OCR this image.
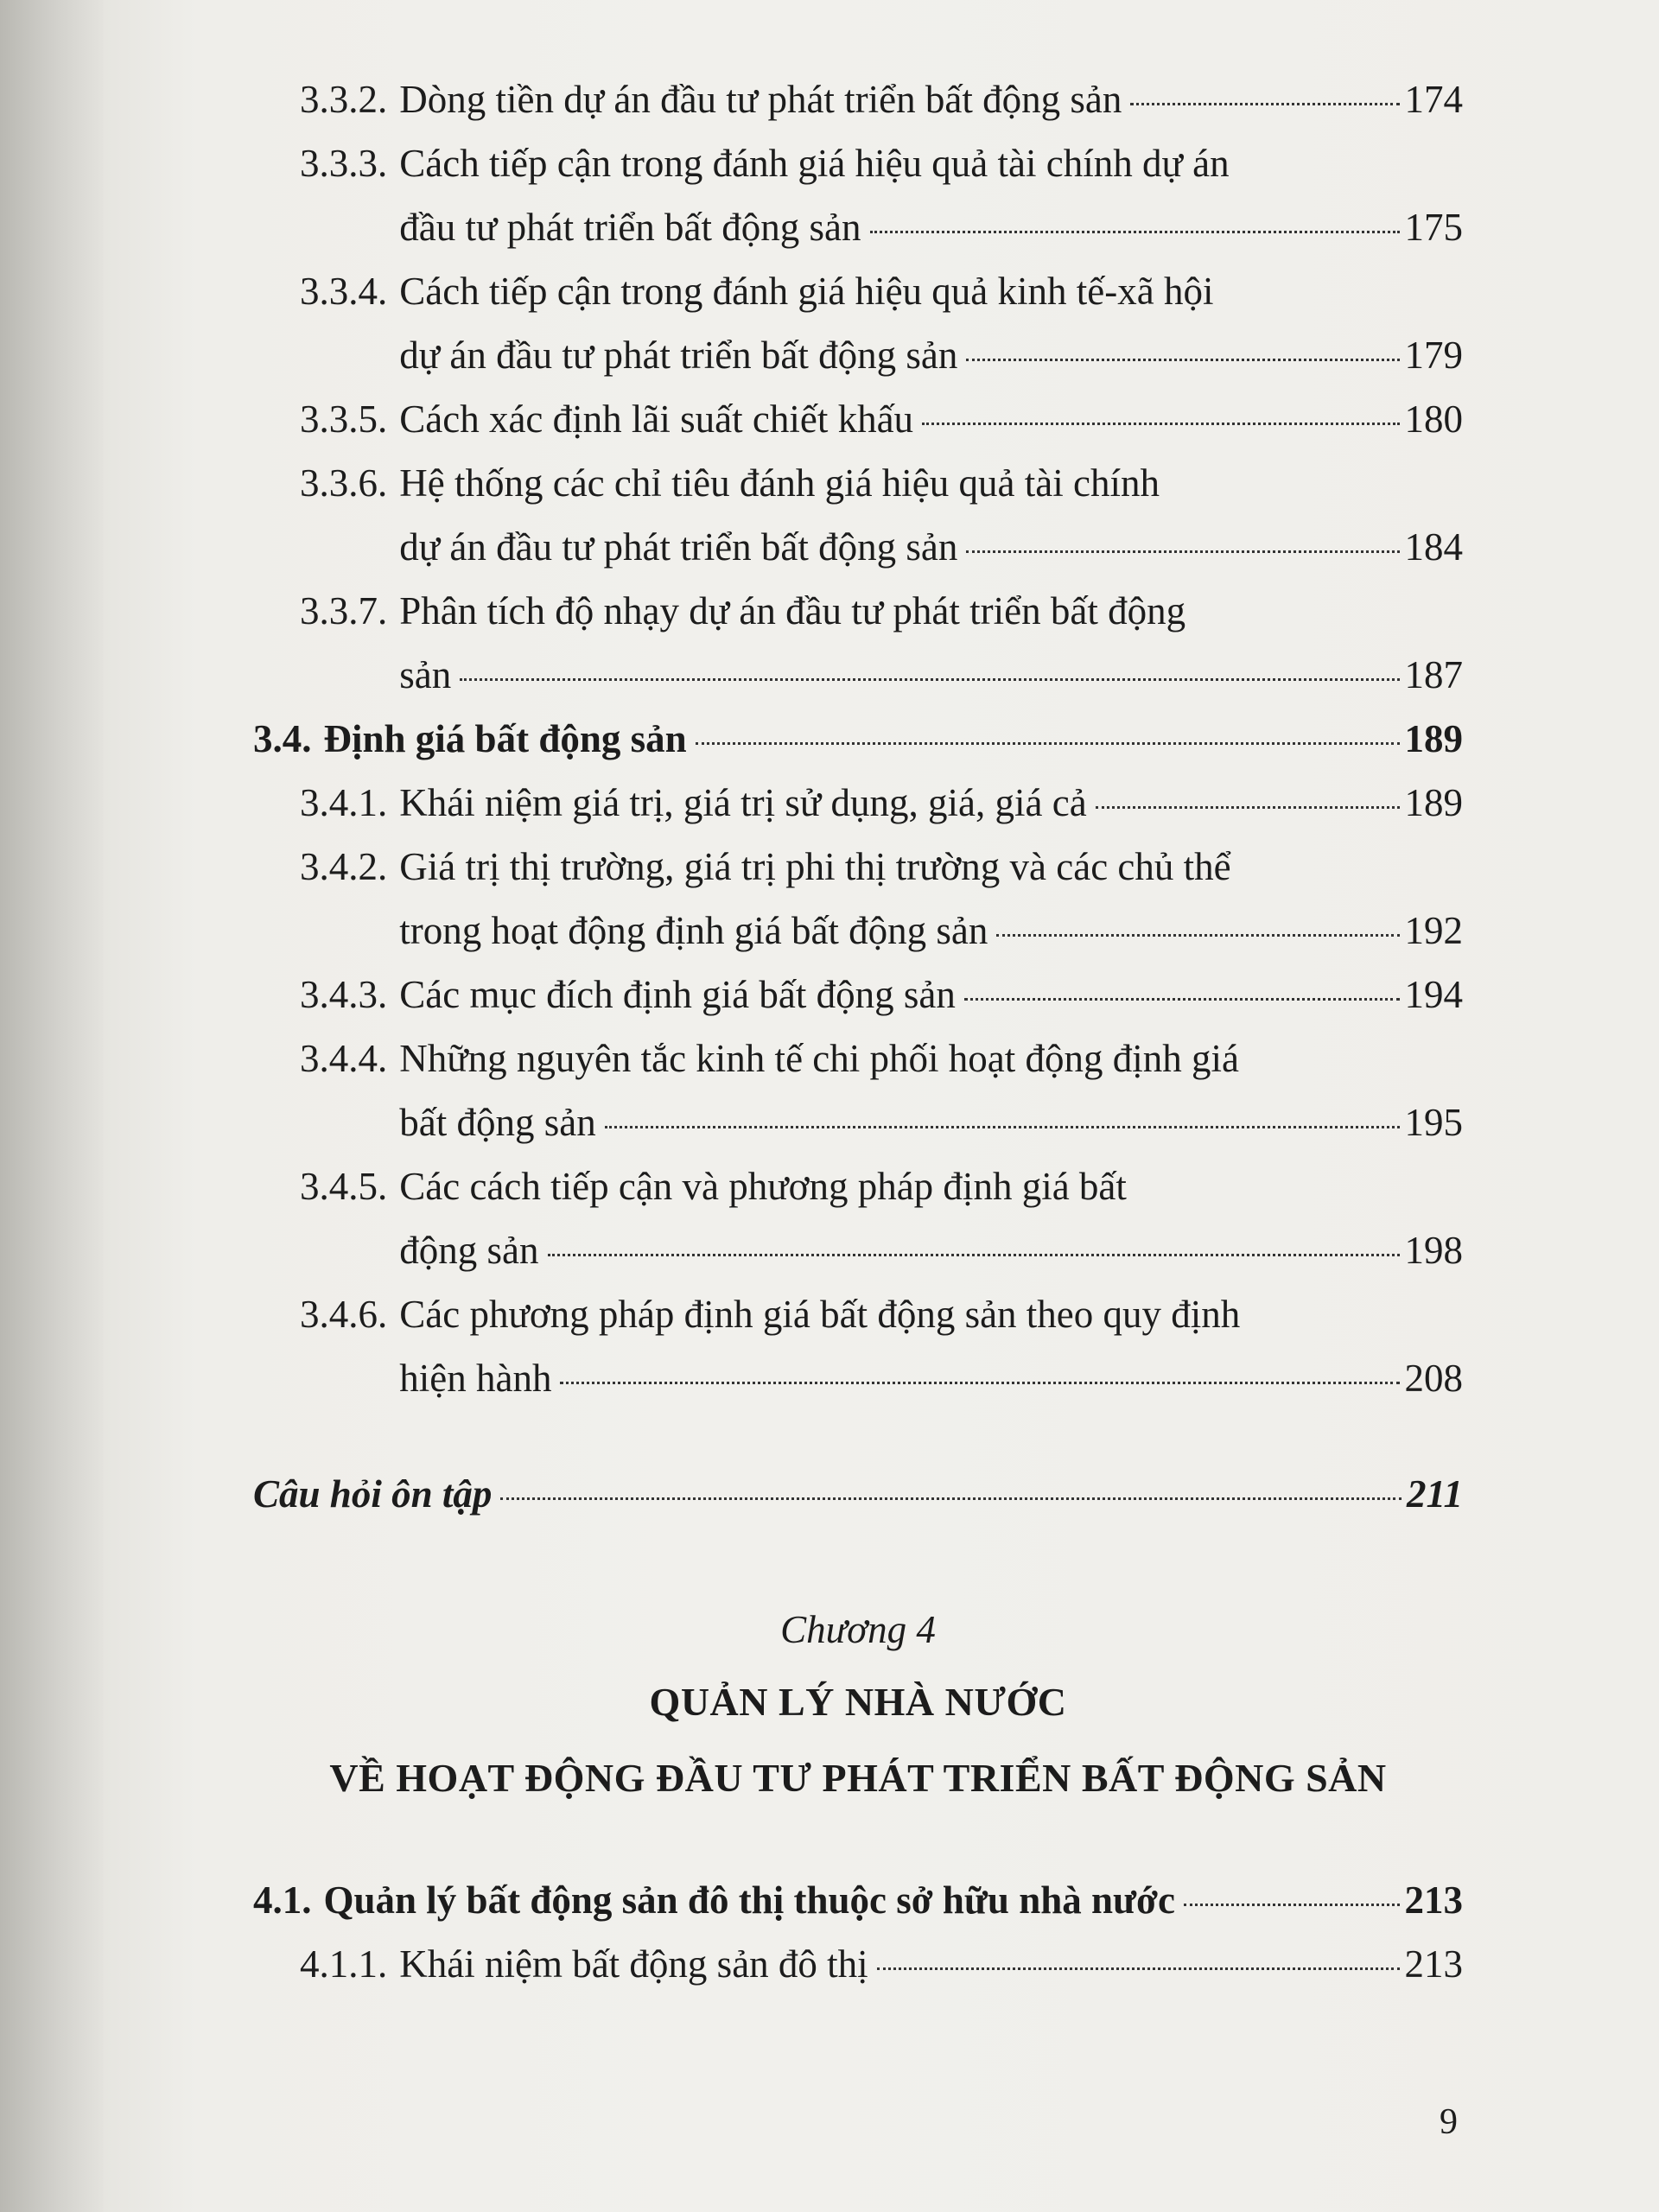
3.3.2. Dòng tiền dự án đầu tư phát triển bất động sản	174
3.3.3. Cách tiếp cận trong đánh giá hiệu quả tài chính dự án
đầu tư phát triển bất động sản	175
3.3.4. Cách tiếp cận trong đánh giá hiệu quả kinh tế-xã hội
dự án đầu tư phát triển bất động sản	179
3.3.5. Cách xác định lãi suất chiết khấu	180
3.3.6. Hệ thống các chỉ tiêu đánh giá hiệu quả tài chính
dự án đầu tư phát triển bất động sản	184
3.3.7. Phân tích độ nhạy dự án đầu tư phát triển bất động
sản	187
3.4. Định giá bất động sản	189
3.4.1. Khái niệm giá trị, giá trị sử dụng, giá, giá cả	189
3.4.2. Giá trị thị trường, giá trị phi thị trường và các chủ thể
trong hoạt động định giá bất động sản	192
3.4.3. Các mục đích định giá bất động sản	194
3.4.4. Những nguyên tắc kinh tế chi phối hoạt động định giá
bất động sản	195
3.4.5. Các cách tiếp cận và phương pháp định giá bất
động sản	198
3.4.6. Các phương pháp định giá bất động sản theo quy định
hiện hành	208
Câu hỏi ôn tập	211
Chương 4
QUẢN LÝ NHÀ NƯỚC
VỀ HOẠT ĐỘNG ĐẦU TƯ PHÁT TRIỂN BẤT ĐỘNG SẢN
4.1. Quản lý bất động sản đô thị thuộc sở hữu nhà nước	213
4.1.1. Khái niệm bất động sản đô thị	213
9
